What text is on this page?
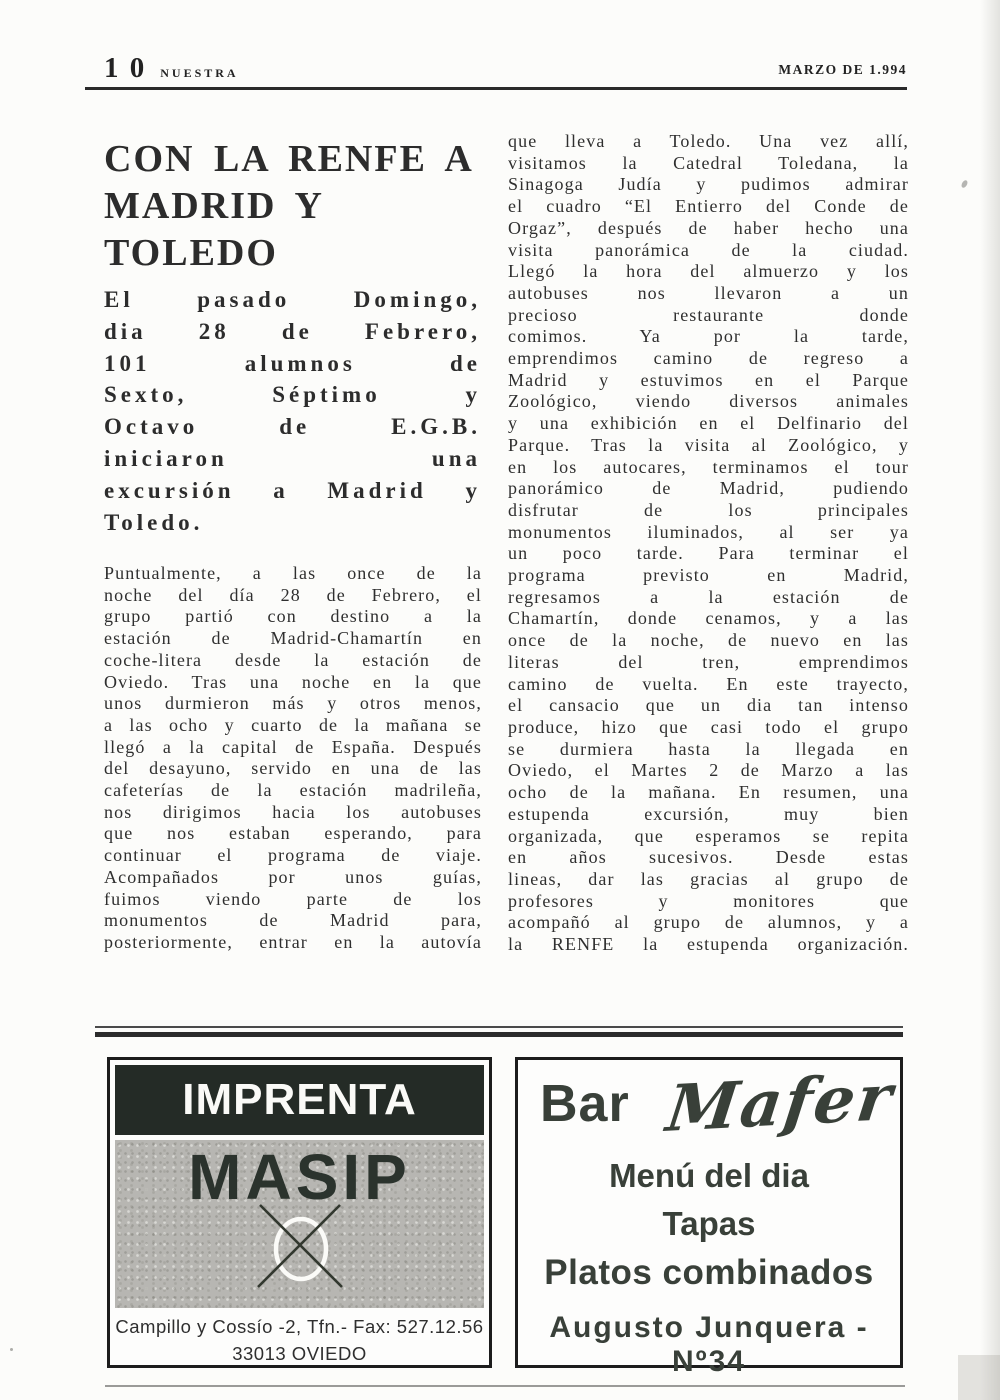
1 0 NUESTRA	MARZO DE 1.994
CON LA RENFE A
MADRID Y
TOLEDO
El pasado Domingo,
dia 28 de Febrero,
101 alumnos de
Sexto, Séptimo y
Octavo de E.G.B.
iniciaron una
excursión a Madrid y
Toledo.
Puntualmente, a las once de la
noche del día 28 de Febrero, el
grupo partió con destino a la
estación de Madrid-Chamartín en
coche-litera desde la estación de
Oviedo. Tras una noche en la que
unos durmieron más y otros menos,
a las ocho y cuarto de la mañana se
llegó a la capital de España. Después
del desayuno, servido en una de las
cafeterías de la estación madrileña,
nos dirigimos hacia los autobuses
que nos estaban esperando, para
continuar el programa de viaje.
Acompañados por unos guías,
fuimos viendo parte de los
monumentos de Madrid para,
posteriormente, entrar en la autovía
que lleva a Toledo. Una vez allí,
visitamos la Catedral Toledana, la
Sinagoga Judía y pudimos admirar
el cuadro “El Entierro del Conde de
Orgaz”, después de haber hecho una
visita panorámica de la ciudad.
Llegó la hora del almuerzo y los
autobuses nos llevaron a un
precioso restaurante donde
comimos. Ya por la tarde,
emprendimos camino de regreso a
Madrid y estuvimos en el Parque
Zoológico, viendo diversos animales
y una exhibición en el Delfinario del
Parque. Tras la visita al Zoológico, y
en los autocares, terminamos el tour
panorámico de Madrid, pudiendo
disfrutar de los principales
monumentos iluminados, al ser ya
un poco tarde. Para terminar el
programa previsto en Madrid,
regresamos a la estación de
Chamartín, donde cenamos, y a las
once de la noche, de nuevo en las
literas del tren, emprendimos
camino de vuelta. En este trayecto,
el cansacio que un dia tan intenso
produce, hizo que casi todo el grupo
se durmiera hasta la llegada en
Oviedo, el Martes 2 de Marzo a las
ocho de la mañana. En resumen, una
estupenda excursión, muy bien
organizada, que esperamos se repita
en años sucesivos. Desde estas
lineas, dar las gracias al grupo de
profesores y monitores que
acompañó al grupo de alumnos, y a
la RENFE la estupenda organización.
IMPRENTA
MASIP
Campillo y Cossío -2, Tfn.- Fax: 527.12.56
33013 OVIEDO
Bar Mafer
Menú del dia
Tapas
Platos combinados
Augusto Junquera - Nº34
